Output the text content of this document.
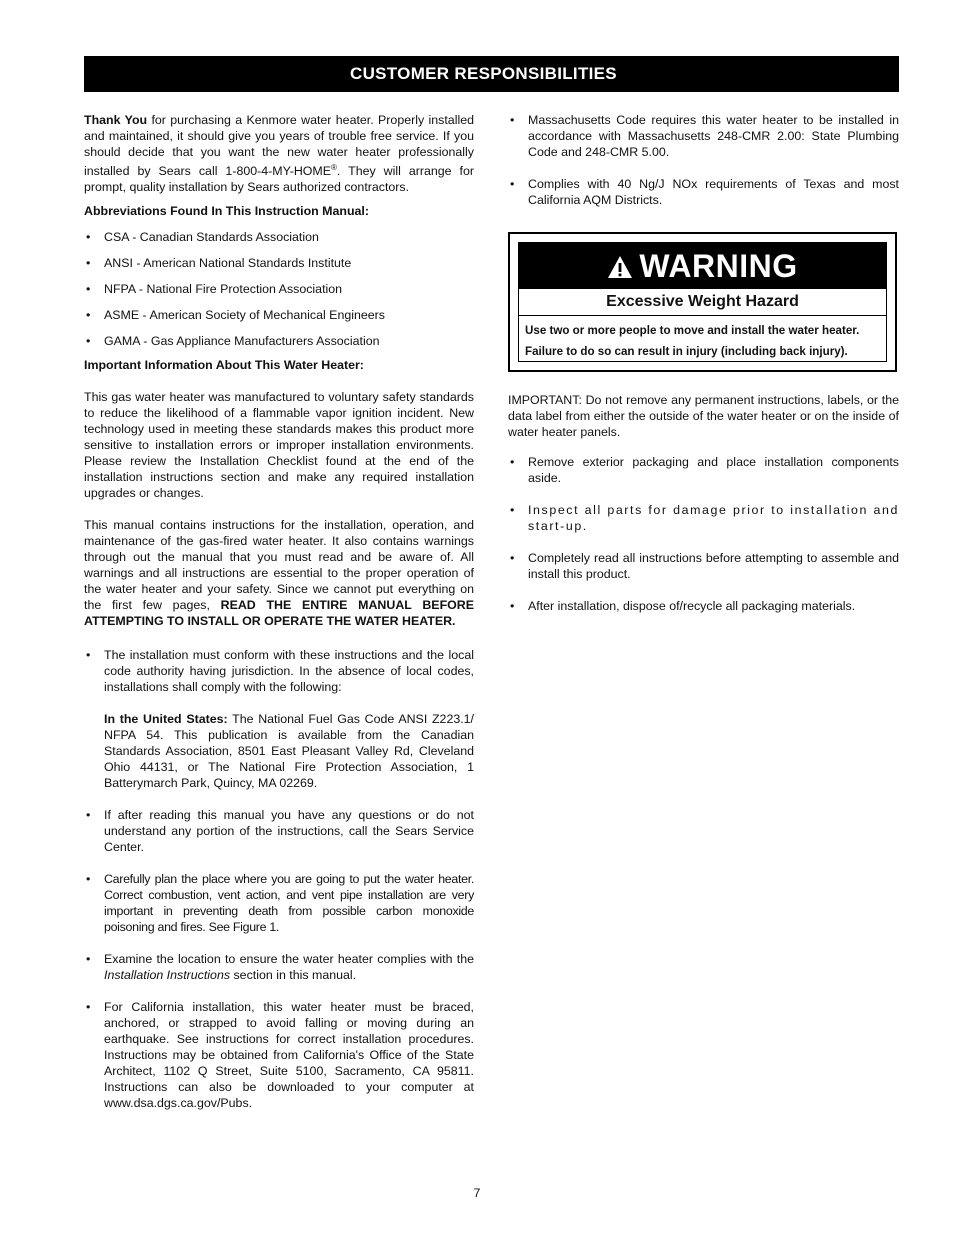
CUSTOMER RESPONSIBILITIES

Thank You for purchasing a Kenmore water heater. Properly installed and maintained, it should give you years of trouble free service. If you should decide that you want the new water heater professionally installed by Sears call 1-800-4-MY-HOME®. They will arrange for prompt, quality installation by Sears authorized contractors.

Abbreviations Found In This Instruction Manual:

• CSA - Canadian Standards Association
• ANSI - American National Standards Institute
• NFPA - National Fire Protection Association
• ASME - American Society of Mechanical Engineers
• GAMA - Gas Appliance Manufacturers Association

Important Information About This Water Heater:

This gas water heater was manufactured to voluntary safety standards to reduce the likelihood of a flammable vapor ignition incident. New technology used in meeting these standards makes this product more sensitive to installation errors or improper installation environments. Please review the Installation Checklist found at the end of the installation instructions section and make any required installation upgrades or changes.

This manual contains instructions for the installation, operation, and maintenance of the gas-fired water heater. It also contains warnings through out the manual that you must read and be aware of. All warnings and all instructions are essential to the proper operation of the water heater and your safety. Since we cannot put everything on the first few pages, READ THE ENTIRE MANUAL BEFORE ATTEMPTING TO INSTALL OR OPERATE THE WATER HEATER.

• The installation must conform with these instructions and the local code authority having jurisdiction. In the absence of local codes, installations shall comply with the following:

In the United States: The National Fuel Gas Code ANSI Z223.1/ NFPA 54. This publication is available from the Canadian Standards Association, 8501 East Pleasant Valley Rd, Cleveland Ohio 44131, or The National Fire Protection Association, 1 Batterymarch Park, Quincy, MA 02269.

• If after reading this manual you have any questions or do not understand any portion of the instructions, call the Sears Service Center.
• Carefully plan the place where you are going to put the water heater. Correct combustion, vent action, and vent pipe installation are very important in preventing death from possible carbon monoxide poisoning and fires. See Figure 1.
• Examine the location to ensure the water heater complies with the Installation Instructions section in this manual.
• For California installation, this water heater must be braced, anchored, or strapped to avoid falling or moving during an earthquake. See instructions for correct installation procedures. Instructions may be obtained from California's Office of the State Architect, 1102 Q Street, Suite 5100, Sacramento, CA 95811. Instructions can also be downloaded to your computer at www.dsa.dgs.ca.gov/Pubs.
• Massachusetts Code requires this water heater to be installed in accordance with Massachusetts 248-CMR 2.00: State Plumbing Code and 248-CMR 5.00.
• Complies with 40 Ng/J NOx requirements of Texas and most California AQM Districts.
WARNING
Excessive Weight Hazard
Use two or more people to move and install the water heater.
Failure to do so can result in injury (including back injury).

IMPORTANT: Do not remove any permanent instructions, labels, or the data label from either the outside of the water heater or on the inside of water heater panels.

• Remove exterior packaging and place installation components aside.
• Inspect all parts for damage prior to installation and start-up.
• Completely read all instructions before attempting to assemble and install this product.
• After installation, dispose of/recycle all packaging materials.
7
